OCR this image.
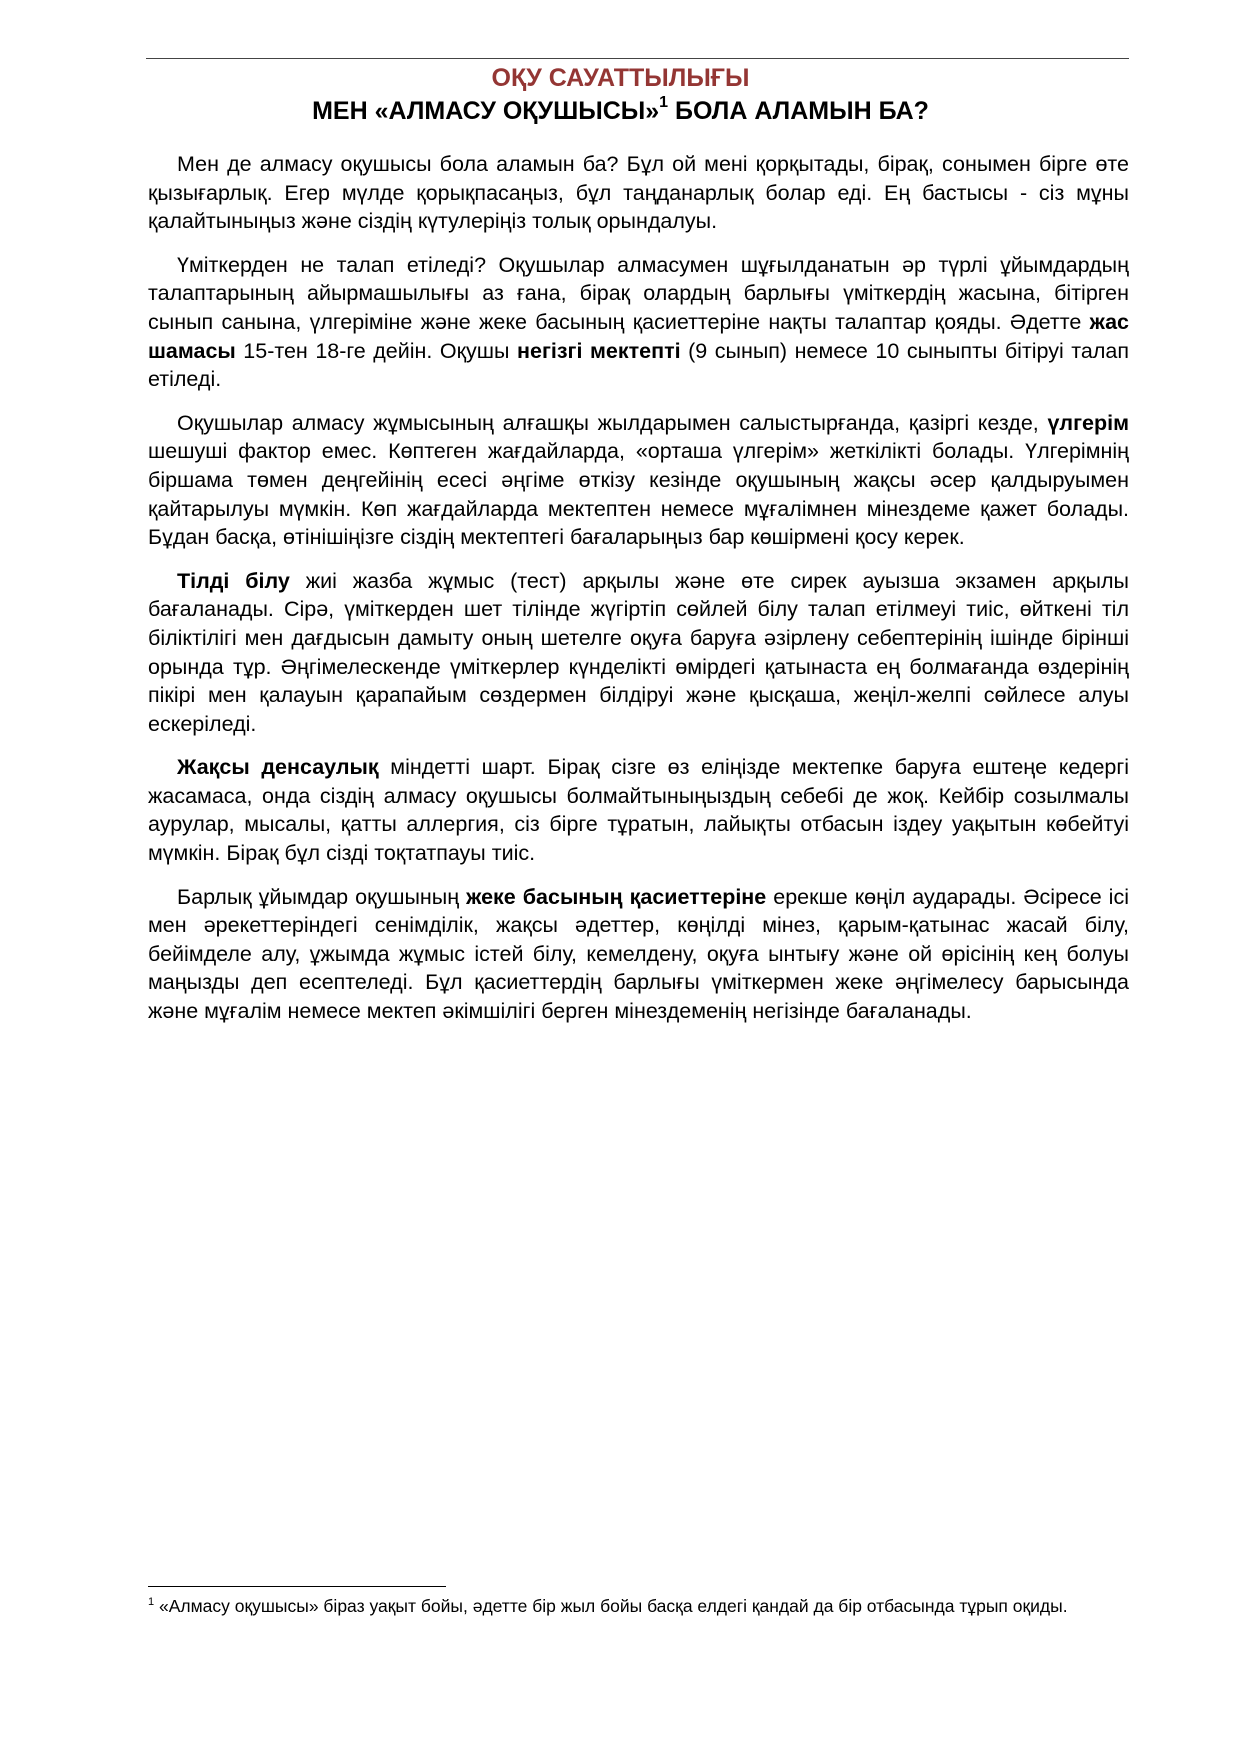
ОҚУ САУАТТЫЛЫҒЫ
МЕН «АЛМАСУ ОҚУШЫСЫ»$^1$ БОЛА АЛАМЫН БА?

Мен де алмасу оқушысы бола аламын ба? Бұл ой мені қорқытады, бірақ, сонымен бірге өте қызығарлық. Егер мүлде қорықпасаңыз, бұл таңданарлық болар еді. Ең бастысы - сіз мұны қалайтыныңыз және сіздің күтулеріңіз толық орындалуы.

Үміткерден не талап етіледі? Оқушылар алмасумен шұғылданатын әр түрлі ұйымдардың талаптарының айырмашылығы аз ғана, бірақ олардың барлығы үміткердің жасына, бітірген сынып санына, үлгеріміне және жеке басының қасиеттеріне нақты талаптар қояды. Әдетте жас шамасы 15-тен 18-ге дейін. Оқушы негізгі мектепті (9 сынып) немесе 10 сыныпты бітіруі талап етіледі.

Оқушылар алмасу жұмысының алғашқы жылдарымен салыстырғанда, қазіргі кезде, үлгерім шешуші фактор емес. Көптеген жағдайларда, «орташа үлгерім» жеткілікті болады. Үлгерімнің біршама төмен деңгейінің есесі әңгіме өткізу кезінде оқушының жақсы әсер қалдыруымен қайтарылуы мүмкін. Көп жағдайларда мектептен немесе мұғалімнен мінездеме қажет болады. Бұдан басқа, өтінішіңізге сіздің мектептегі бағаларыңыз бар көшірмені қосу керек.

Тілді білу жиі жазба жұмыс (тест) арқылы және өте сирек ауызша экзамен арқылы бағаланады. Сірә, үміткерден шет тілінде жүгіртіп сөйлей білу талап етілмеуі тиіс, өйткені тіл біліктілігі мен дағдысын дамыту оның шетелге оқуға баруға әзірлену себептерінің ішінде бірінші орында тұр. Әңгімелескенде үміткерлер күнделікті өмірдегі қатынаста ең болмағанда өздерінің пікірі мен қалауын қарапайым сөздермен білдіруі және қысқаша, жеңіл-желпі сөйлесе алуы ескеріледі.

Жақсы денсаулық міндетті шарт. Бірақ сізге өз еліңізде мектепке баруға ештеңе кедергі жасамаса, онда сіздің алмасу оқушысы болмайтыныңыздың себебі де жоқ. Кейбір созылмалы аурулар, мысалы, қатты аллергия, сіз бірге тұратын, лайықты отбасын іздеу уақытын көбейтуі мүмкін. Бірақ бұл сізді тоқтатпауы тиіс.

Барлық ұйымдар оқушының жеке басының қасиеттеріне ерекше көңіл аударады. Әсіресе ісі мен әрекеттеріндегі сенімділік, жақсы әдеттер, көңілді мінез, қарым-қатынас жасай білу, бейімделе алу, ұжымда жұмыс істей білу, кемелдену, оқуға ынтығу және ой өрісінің кең болуы маңызды деп есептеледі. Бұл қасиеттердің барлығы үміткермен жеке әңгімелесу барысында және мұғалім немесе мектеп әкімшілігі берген мінездеменің негізінде бағаланады.

$^1$ «Алмасу оқушысы» біраз уақыт бойы, әдетте бір жыл бойы басқа елдегі қандай да бір отбасында тұрып оқиды.
